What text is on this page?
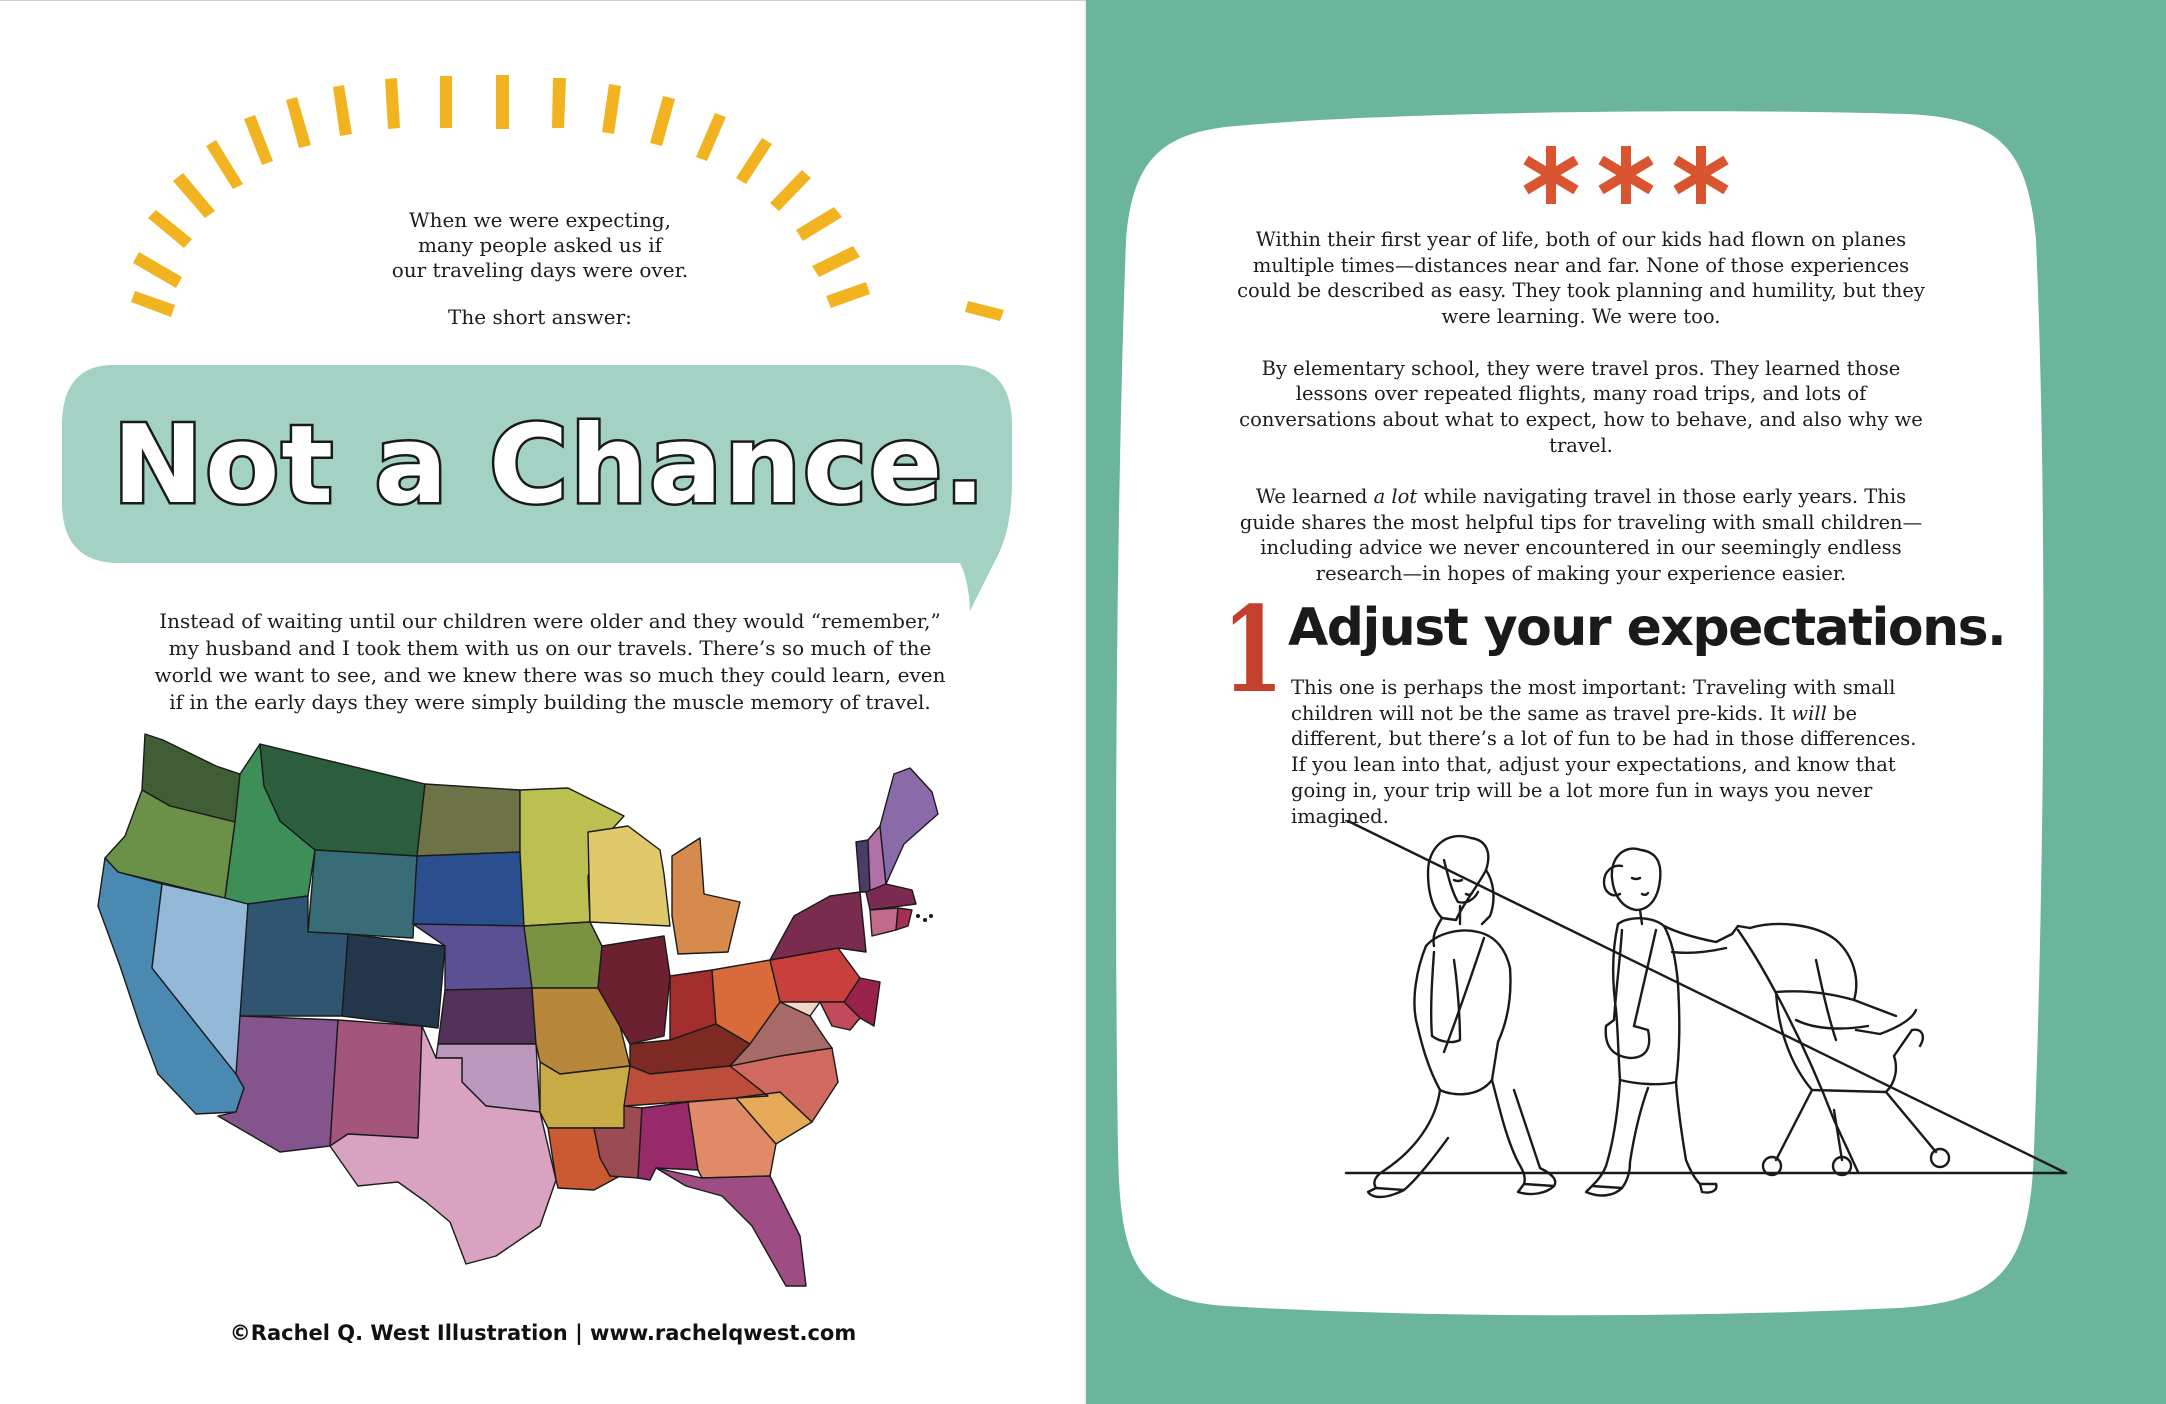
When we were expecting,

many people asked us if

our traveling days were over.

The short answer:

Not a Chance.

Instead of waiting until our children were older and they would “remember,” my husband and I took them with us on our travels. There’s so much of the world we want to see, and we knew there was so much they could learn, even if in the early days they were simply building the muscle memory of travel.

©Rachel Q. West Illustration | www.rachelqwest.com

Within their first year of life, both of our kids had flown on planes multiple times—distances near and far. None of those experiences could be described as easy. They took planning and humility, but they were learning. We were too.

By elementary school, they were travel pros. They learned those lessons over repeated flights, many road trips, and lots of conversations about what to expect, how to behave, and also why we travel.

We learned a lot while navigating travel in those early years. This guide shares the most helpful tips for traveling with small children—including advice we never encountered in our seemingly endless research—in hopes of making your experience easier.

1 Adjust your expectations.

This one is perhaps the most important: Traveling with small children will not be the same as travel pre-kids. It will be different, but there’s a lot of fun to be had in those differences. If you lean into that, adjust your expectations, and know that going in, your trip will be a lot more fun in ways you never imagined.
